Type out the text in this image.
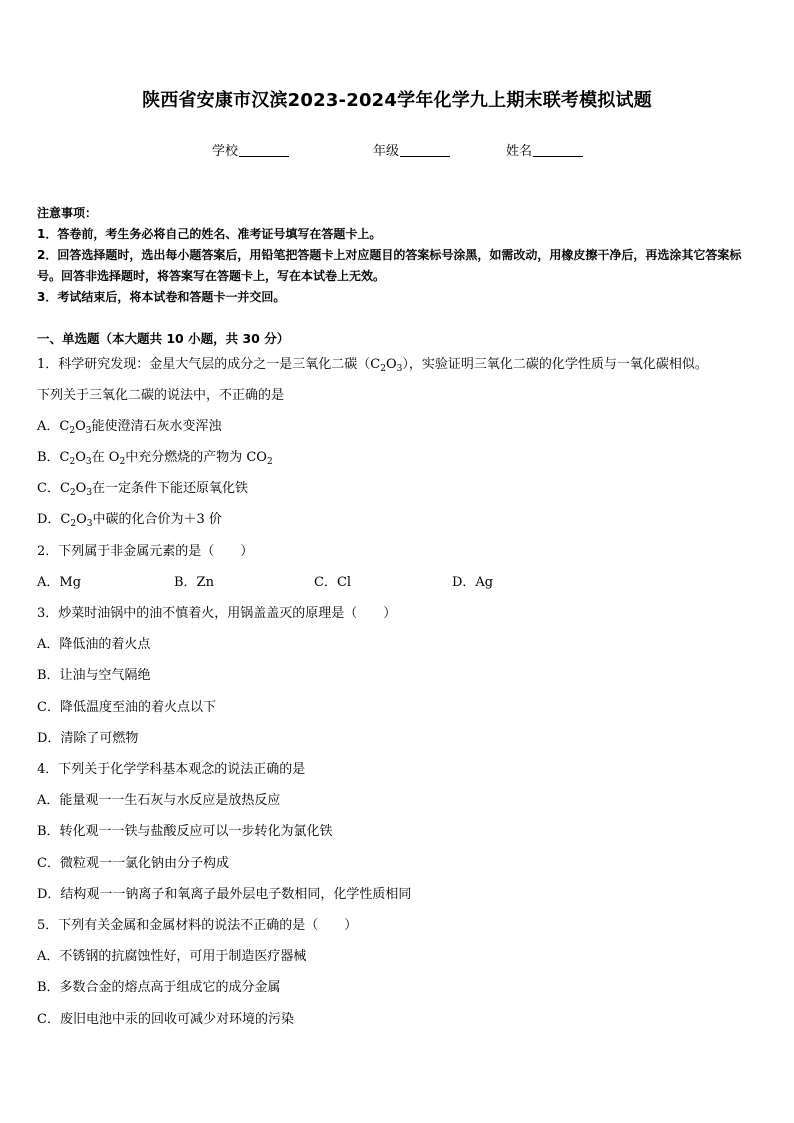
陕西省安康市汉滨2023-2024学年化学九上期末联考模拟试题
学校	年级	姓名

注意事项：

1．答卷前，考生务必将自己的姓名、准考证号填写在答题卡上。

2．回答选择题时，选出每小题答案后，用铅笔把答题卡上对应题目的答案标号涂黑，如需改动，用橡皮擦干净后，再选涂其它答案标号。回答非选择题时，将答案写在答题卡上，写在本试卷上无效。

3．考试结束后，将本试卷和答题卡一并交回。

一、单选题（本大题共 10 小题，共 30 分）
1．科学研究发现：金星大气层的成分之一是三氧化二碳$(C_2O_3)$，实验证明三氧化二碳的化学性质与一氧化碳相似。
下列关于三氧化二碳的说法中，不正确的是
A．$C_2O_3$能使澄清石灰水变浑浊
B．$C_2O_3$在 $O_2$中充分燃烧的产物为 $CO_2$
C．$C_2O_3$在一定条件下能还原氧化铁
D．$C_2O_3$中碳的化合价为＋3 价
2．下列属于非金属元素的是（　　）
A．Mg	B．Zn	C．Cl	D．Ag
3．炒菜时油锅中的油不慎着火，用锅盖盖灭的原理是（　　）
A．降低油的着火点
B．让油与空气隔绝
C．降低温度至油的着火点以下
D．清除了可燃物
4．下列关于化学学科基本观念的说法正确的是
A．能量观一一生石灰与水反应是放热反应
B．转化观一一铁与盐酸反应可以一步转化为氯化铁
C．微粒观一一氯化钠由分子构成
D．结构观一一钠离子和氧离子最外层电子数相同，化学性质相同
5．下列有关金属和金属材料的说法不正确的是（　　）
A．不锈钢的抗腐蚀性好，可用于制造医疗器械
B．多数合金的熔点高于组成它的成分金属
C．废旧电池中汞的回收可减少对环境的污染
